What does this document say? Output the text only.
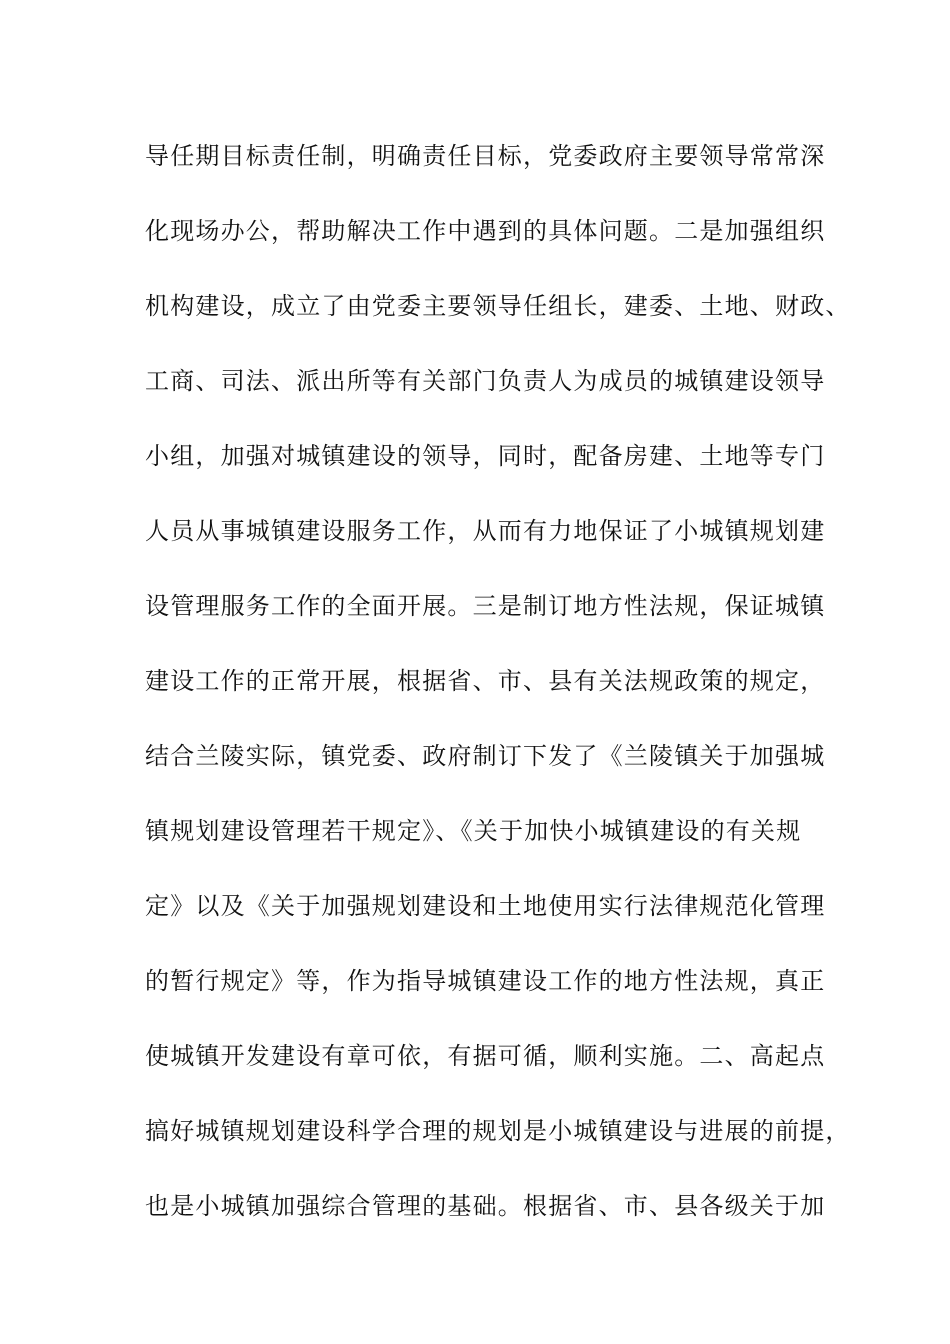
导任期目标责任制，明确责任目标，党委政府主要领导常常深
化现场办公，帮助解决工作中遇到的具体问题。二是加强组织
机构建设，成立了由党委主要领导任组长，建委、土地、财政、
工商、司法、派出所等有关部门负责人为成员的城镇建设领导
小组，加强对城镇建设的领导，同时，配备房建、土地等专门
人员从事城镇建设服务工作，从而有力地保证了小城镇规划建
设管理服务工作的全面开展。三是制订地方性法规，保证城镇
建设工作的正常开展，根据省、市、县有关法规政策的规定，
结合兰陵实际，镇党委、政府制订下发了《兰陵镇关于加强城
镇规划建设管理若干规定》、《关于加快小城镇建设的有关规
定》以及《关于加强规划建设和土地使用实行法律规范化管理
的暂行规定》等，作为指导城镇建设工作的地方性法规，真正
使城镇开发建设有章可依，有据可循，顺利实施。二、高起点
搞好城镇规划建设科学合理的规划是小城镇建设与进展的前提，
也是小城镇加强综合管理的基础。根据省、市、县各级关于加
